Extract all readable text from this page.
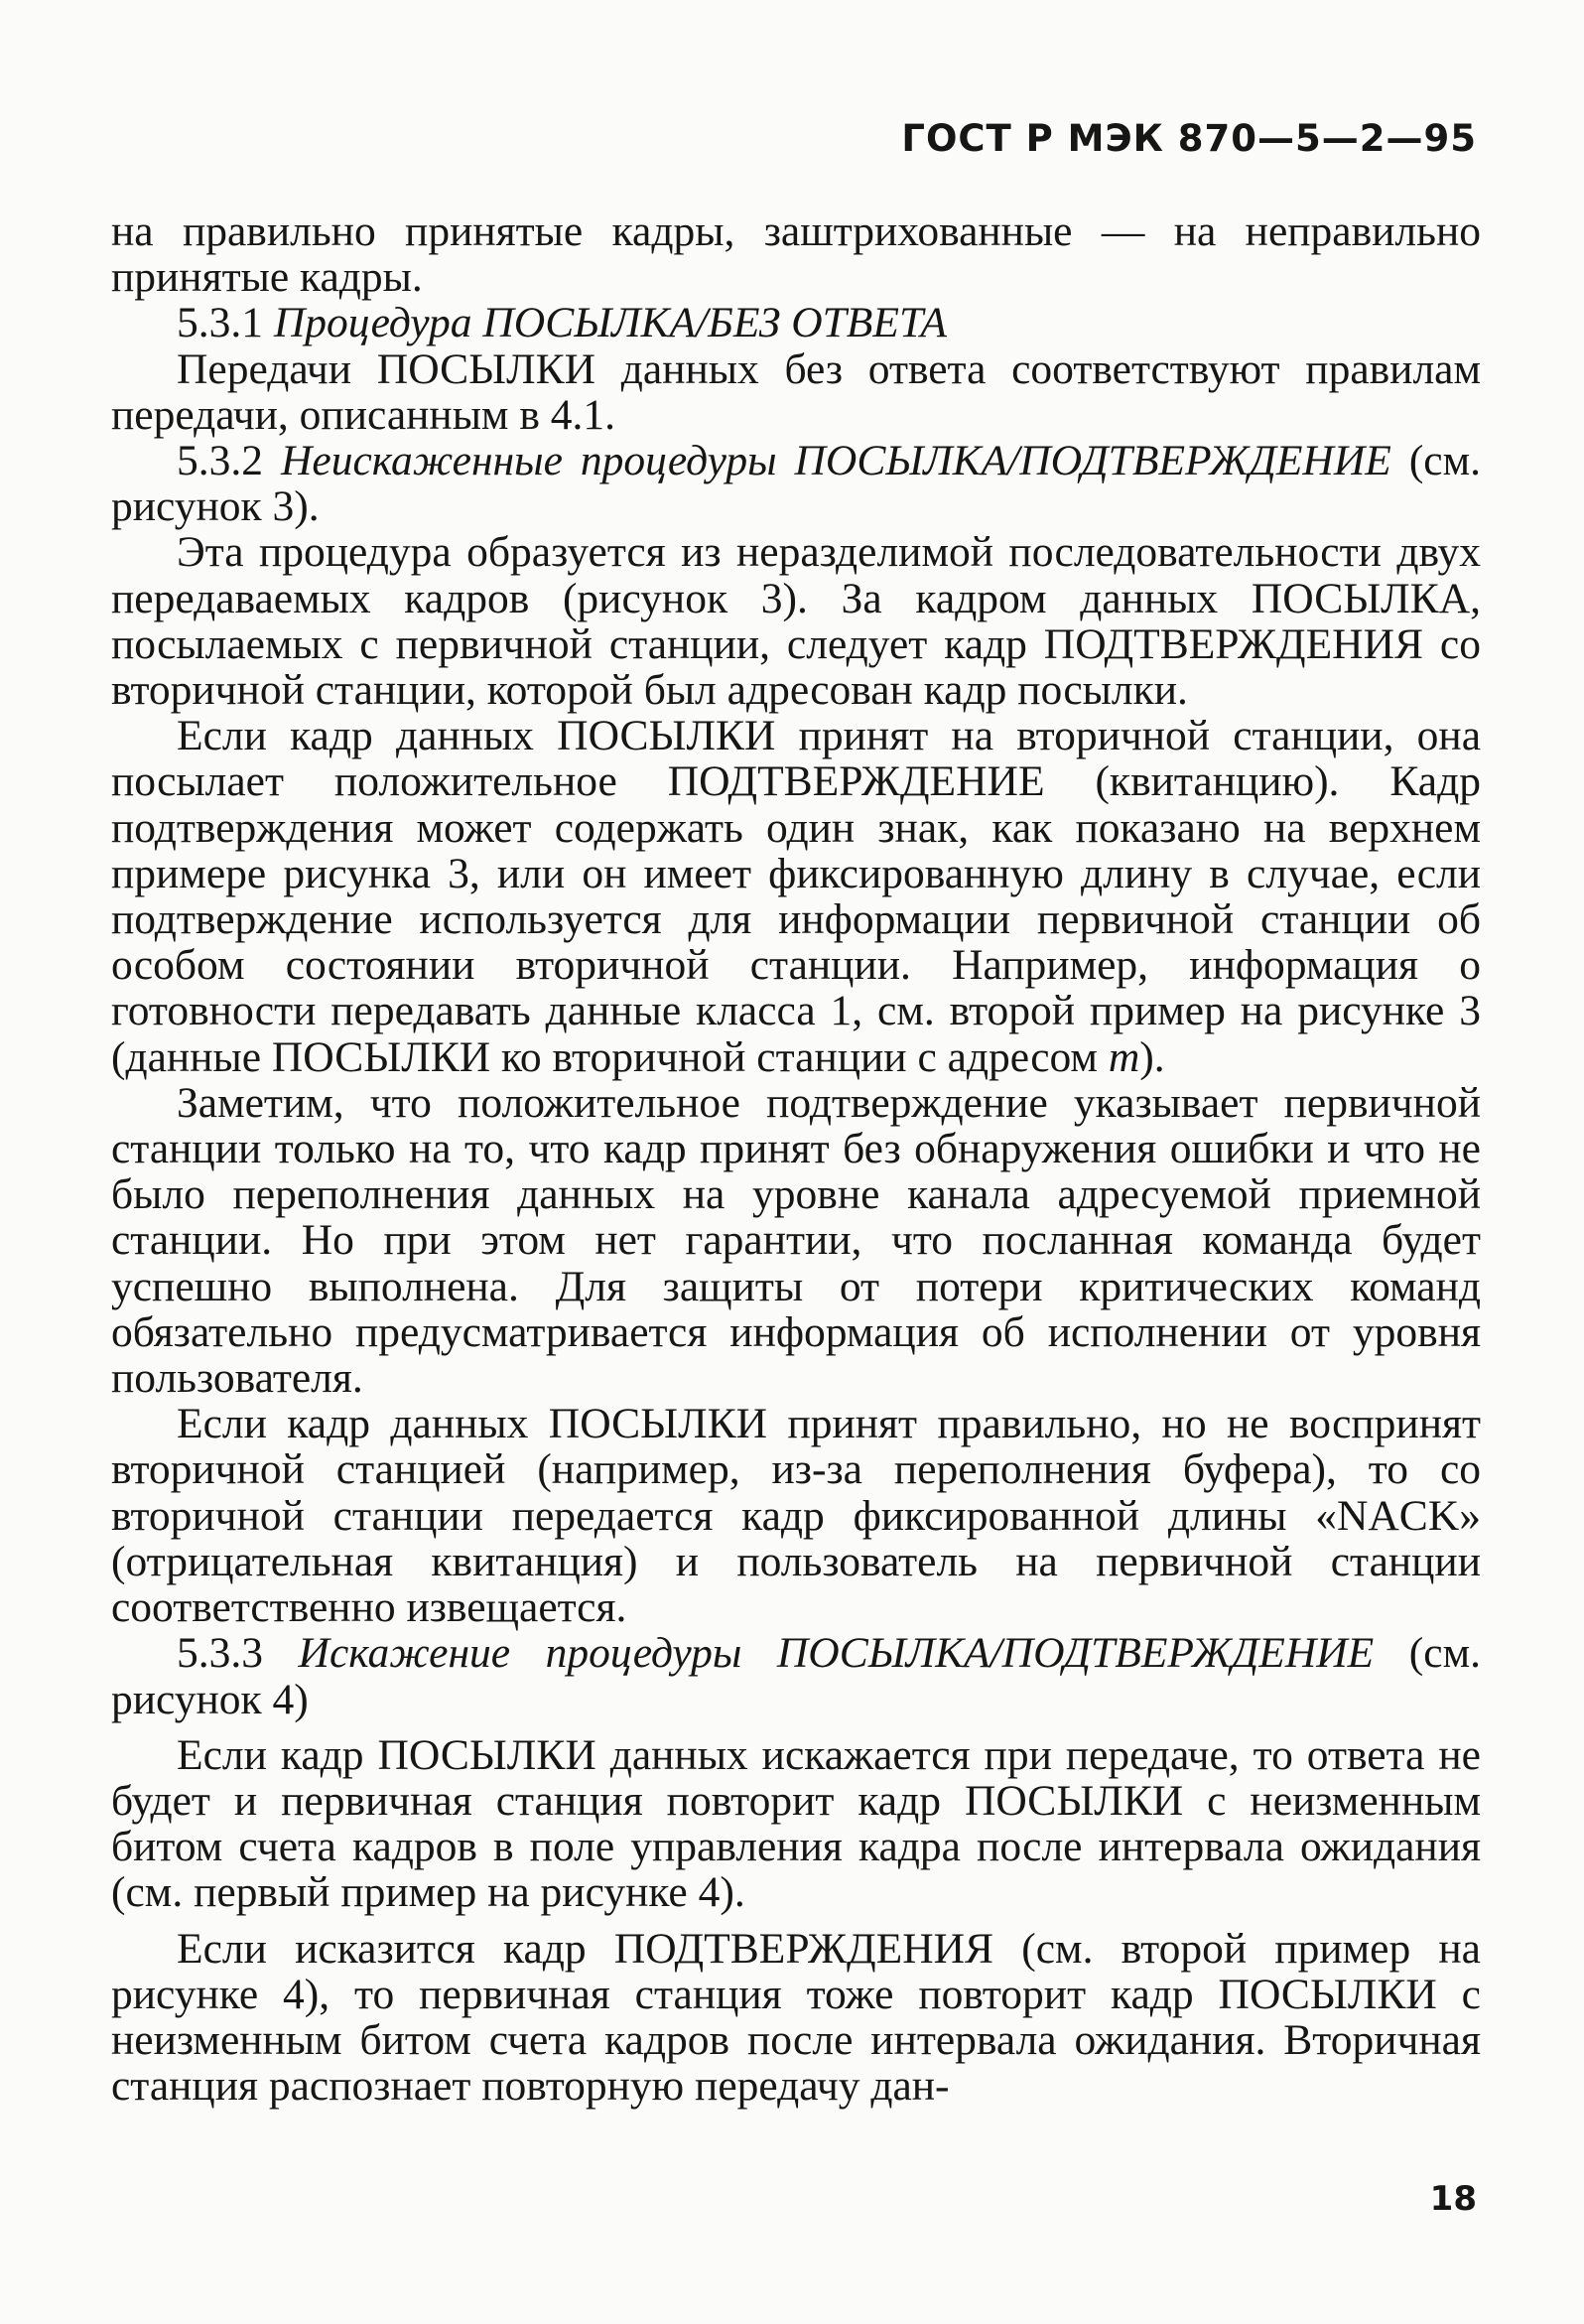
ГОСТ Р МЭК 870—5—2—95

на правильно принятые кадры, заштрихованные — на неправильно принятые кадры.

5.3.1 Процедура ПОСЫЛКА/БЕЗ ОТВЕТА

Передачи ПОСЫЛКИ данных без ответа соответствуют правилам передачи, описанным в 4.1.

5.3.2 Неискаженные процедуры ПОСЫЛКА/ПОДТВЕРЖДЕНИЕ (см. рисунок 3).

Эта процедура образуется из неразделимой последовательности двух передаваемых кадров (рисунок 3). За кадром данных ПОСЫЛКА, посылаемых с первичной станции, следует кадр ПОДТВЕРЖДЕНИЯ со вторичной станции, которой был адресован кадр посылки.

Если кадр данных ПОСЫЛКИ принят на вторичной станции, она посылает положительное ПОДТВЕРЖДЕНИЕ (квитанцию). Кадр подтверждения может содержать один знак, как показано на верхнем примере рисунка 3, или он имеет фиксированную длину в случае, если подтверждение используется для информации первичной станции об особом состоянии вторичной станции. Например, информация о готовности передавать данные класса 1, см. второй пример на рисунке 3 (данные ПОСЫЛКИ ко вторичной станции с адресом m).

Заметим, что положительное подтверждение указывает первичной станции только на то, что кадр принят без обнаружения ошибки и что не было переполнения данных на уровне канала адресуемой приемной станции. Но при этом нет гарантии, что посланная команда будет успешно выполнена. Для защиты от потери критических команд обязательно предусматривается информация об исполнении от уровня пользователя.

Если кадр данных ПОСЫЛКИ принят правильно, но не воспринят вторичной станцией (например, из-за переполнения буфера), то со вторичной станции передается кадр фиксированной длины «NACK» (отрицательная квитанция) и пользователь на первичной станции соответственно извещается.

5.3.3 Искажение процедуры ПОСЫЛКА/ПОДТВЕРЖДЕНИЕ (см. рисунок 4)

Если кадр ПОСЫЛКИ данных искажается при передаче, то ответа не будет и первичная станция повторит кадр ПОСЫЛКИ с неизменным битом счета кадров в поле управления кадра после интервала ожидания (см. первый пример на рисунке 4).

Если исказится кадр ПОДТВЕРЖДЕНИЯ (см. второй пример на рисунке 4), то первичная станция тоже повторит кадр ПОСЫЛКИ с неизменным битом счета кадров после интервала ожидания. Вторичная станция распознает повторную передачу дан-

18
